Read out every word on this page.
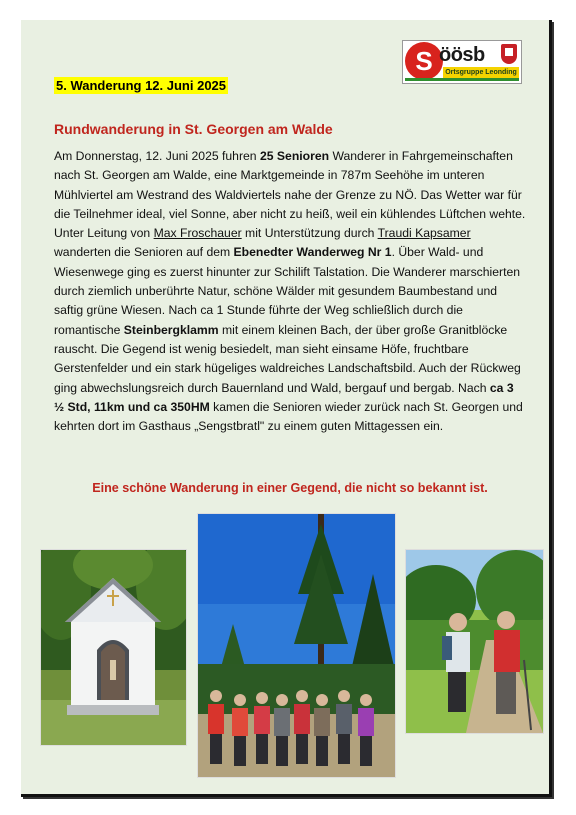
S öösb
Ortsgruppe Leonding
5. Wanderung 12. Juni 2025
Rundwanderung in St. Georgen am Walde
Am Donnerstag, 12. Juni 2025 fuhren 25 Senioren Wanderer in Fahrgemeinschaften nach St. Georgen am Walde, eine Marktgemeinde in 787m Seehöhe im unteren Mühlviertel am Westrand des Waldviertels nahe der Grenze zu NÖ. Das Wetter war für die Teilnehmer ideal, viel Sonne, aber nicht zu heiß, weil ein kühlendes Lüftchen wehte. Unter Leitung von Max Froschauer mit Unterstützung durch Traudi Kapsamer wanderten die Senioren auf dem Ebenedter Wanderweg Nr 1. Über Wald- und Wiesenwege ging es zuerst hinunter zur Schilift Talstation. Die Wanderer marschierten durch ziemlich unberührte Natur, schöne Wälder mit gesundem Baumbestand und saftig grüne Wiesen. Nach ca 1 Stunde führte der Weg schließlich durch die romantische Steinbergklamm mit einem kleinen Bach, der über große Granitblöcke rauscht. Die Gegend ist wenig besiedelt, man sieht einsame Höfe, fruchtbare Gerstenfelder und ein stark hügeliges waldreiches Landschaftsbild. Auch der Rückweg ging abwechslungsreich durch Bauernland und Wald, bergauf und bergab. Nach ca 3 ½ Std, 11km und ca 350HM kamen die Senioren wieder zurück nach St. Georgen und kehrten dort im Gasthaus „Sengstbratl" zu einem guten Mittagessen ein.
Eine schöne Wanderung in einer Gegend, die nicht so bekannt ist.
